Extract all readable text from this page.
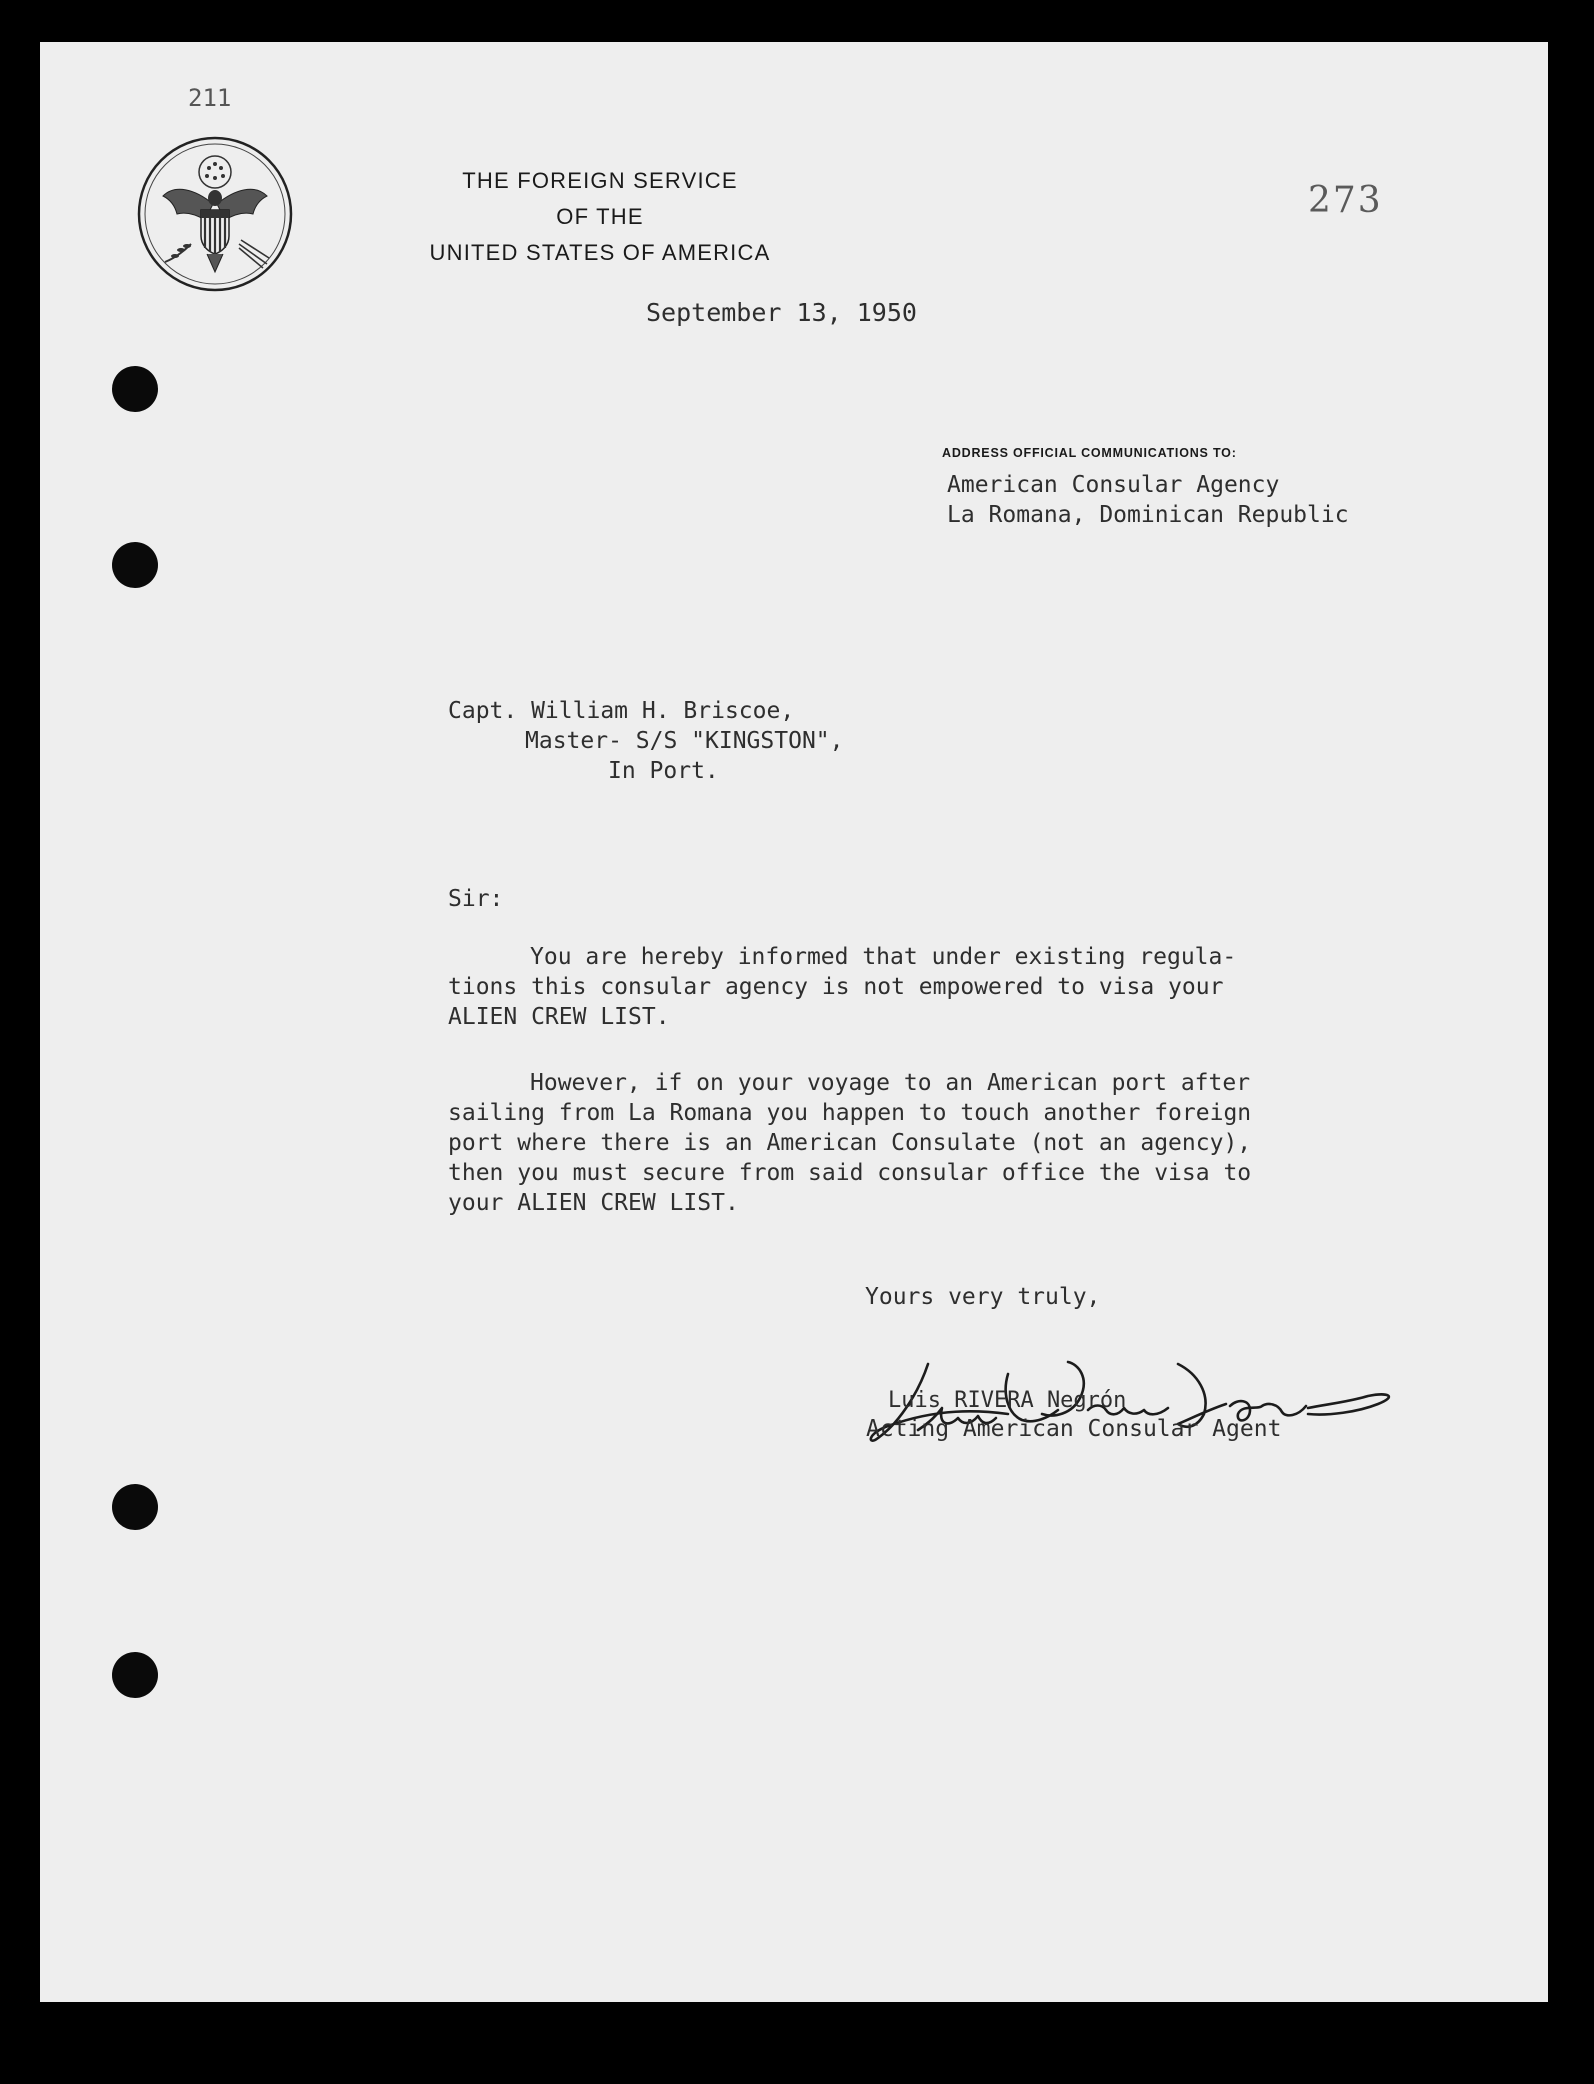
211
THE FOREIGN SERVICE
OF THE
UNITED STATES OF AMERICA
273
September 13, 1950
ADDRESS OFFICIAL COMMUNICATIONS TO:
American Consular Agency
La Romana, Dominican Republic
Capt. William H. Briscoe,
Master- S/S "KINGSTON",
In Port.
Sir:
You are hereby informed that under existing regula-
tions this consular agency is not empowered to visa your
ALIEN CREW LIST.
However, if on your voyage to an American port after
sailing from La Romana you happen to touch another foreign
port where there is an American Consulate (not an agency),
then you must secure from said consular office the visa to
your ALIEN CREW LIST.
Yours very truly,
Luis RIVERA Negrón
Acting American Consular Agent
